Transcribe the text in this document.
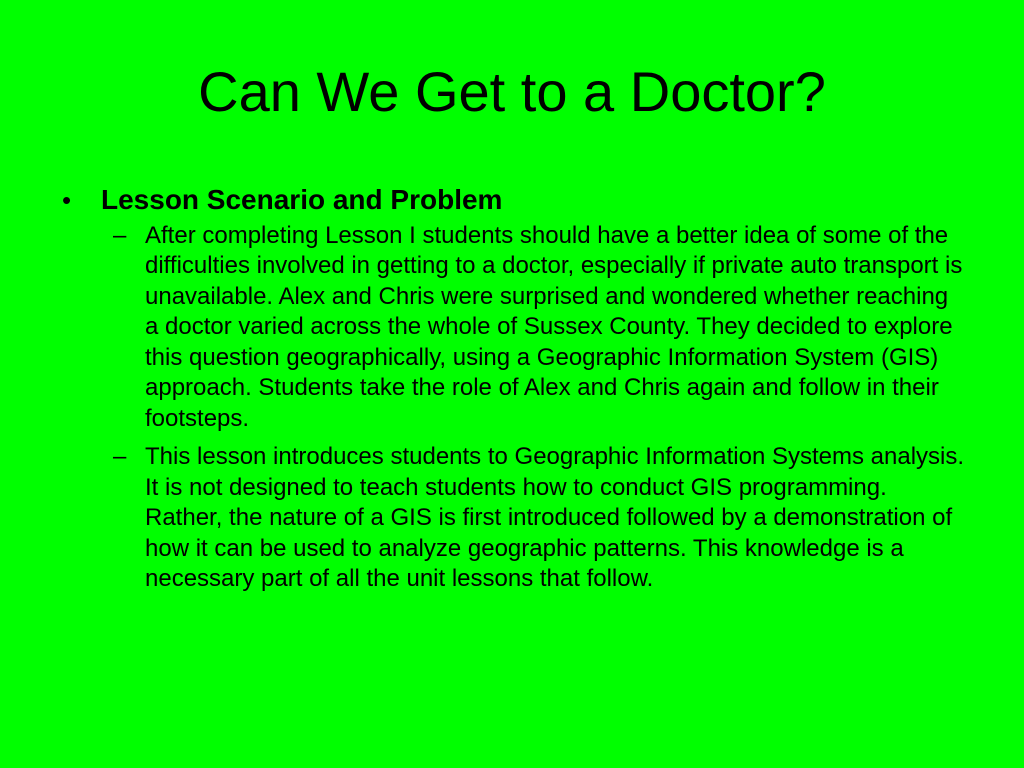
Can We Get to a Doctor?
•	Lesson Scenario and Problem
– After completing Lesson I students should have a better idea of some of the difficulties involved in getting to a doctor, especially if private auto transport is unavailable. Alex and Chris were surprised and wondered whether reaching a doctor varied across the whole of Sussex County. They decided to explore this question geographically, using a Geographic Information System (GIS) approach. Students take the role of Alex and Chris again and follow in their footsteps.
– This lesson introduces students to Geographic Information Systems analysis. It is not designed to teach students how to conduct GIS programming. Rather, the nature of a GIS is first introduced followed by a demonstration of how it can be used to analyze geographic patterns. This knowledge is a necessary part of all the unit lessons that follow.
